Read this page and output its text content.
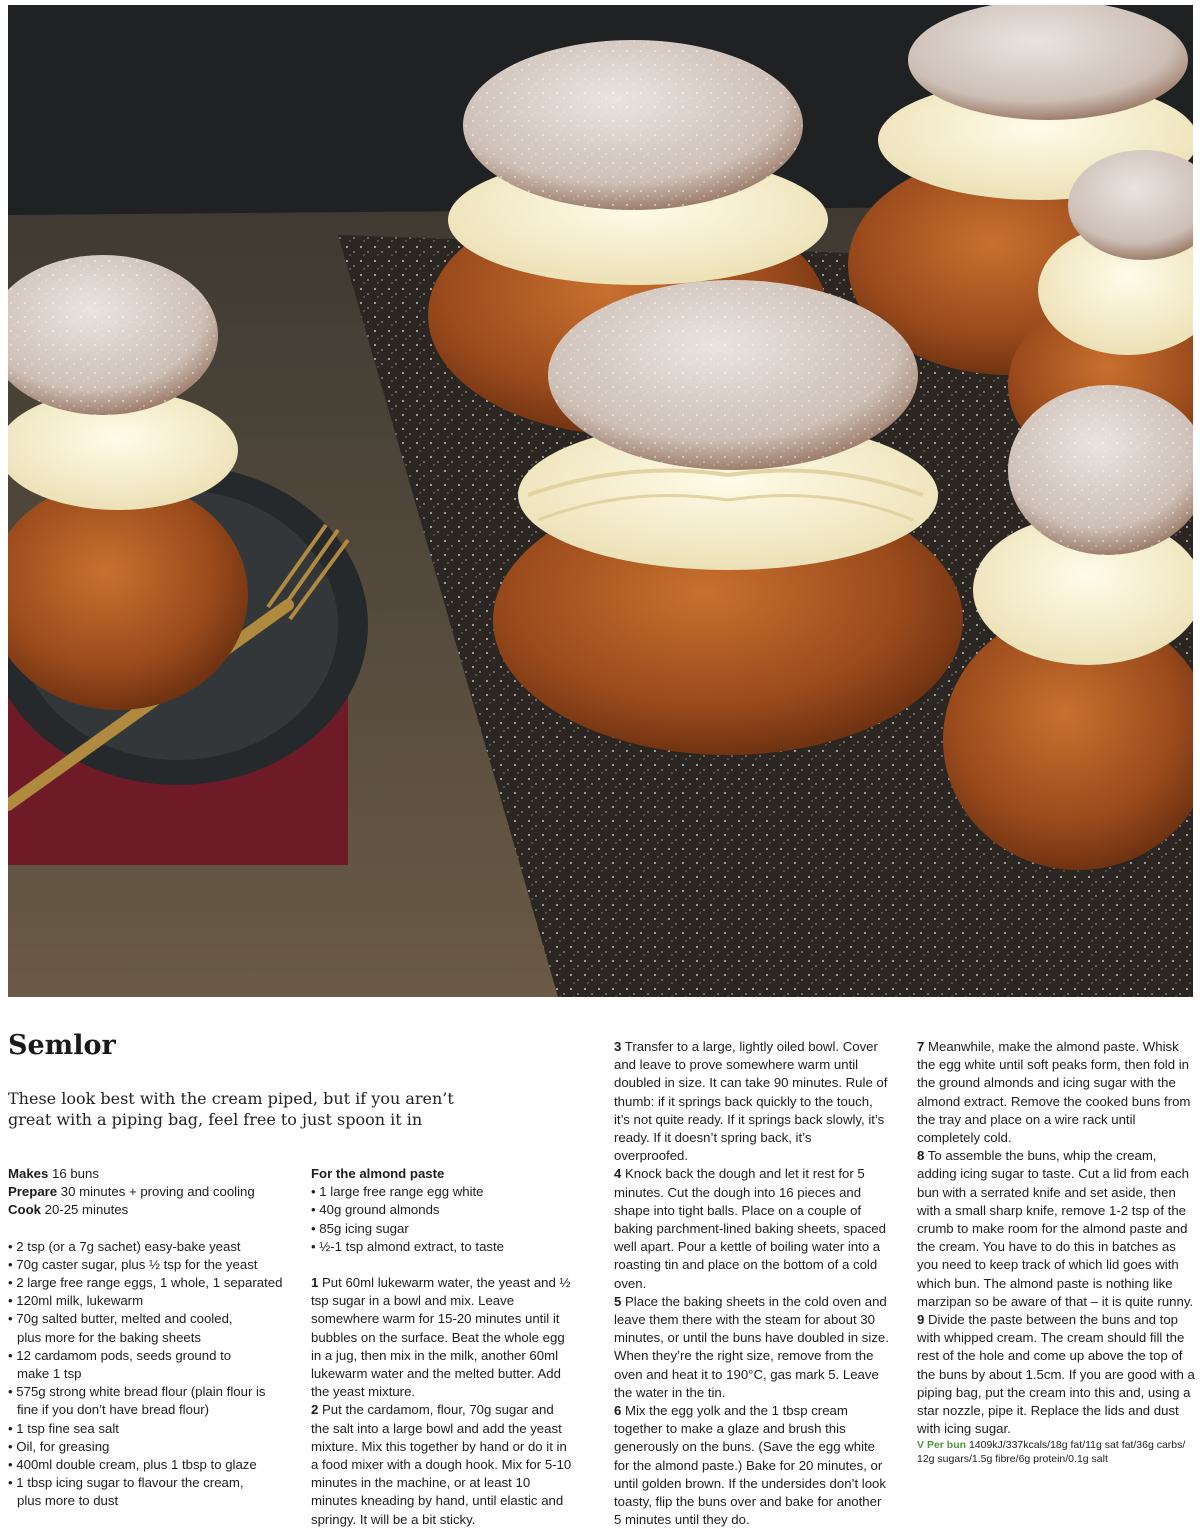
Semlor
These look best with the cream piped, but if you aren’t great with a piping bag, feel free to just spoon it in

Makes 16 buns

Prepare 30 minutes + proving and cooling

Cook 20-25 minutes

• 2 tsp (or a 7g sachet) easy-bake yeast

• 70g caster sugar, plus ½ tsp for the yeast

• 2 large free range eggs, 1 whole, 1 separated

• 120ml milk, lukewarm

• 70g salted butter, melted and cooled, plus more for the baking sheets

• 12 cardamom pods, seeds ground to make 1 tsp

• 575g strong white bread flour (plain flour is fine if you don’t have bread flour)

• 1 tsp fine sea salt

• Oil, for greasing

• 400ml double cream, plus 1 tbsp to glaze

• 1 tbsp icing sugar to flavour the cream, plus more to dust

For the almond paste

• 1 large free range egg white

• 40g ground almonds

• 85g icing sugar

• ½-1 tsp almond extract, to taste

1 Put 60ml lukewarm water, the yeast and ½ tsp sugar in a bowl and mix. Leave somewhere warm for 15-20 minutes until it bubbles on the surface. Beat the whole egg in a jug, then mix in the milk, another 60ml lukewarm water and the melted butter. Add the yeast mixture.

2 Put the cardamom, flour, 70g sugar and the salt into a large bowl and add the yeast mixture. Mix this together by hand or do it in a food mixer with a dough hook. Mix for 5-10 minutes in the machine, or at least 10 minutes kneading by hand, until elastic and springy. It will be a bit sticky.

3 Transfer to a large, lightly oiled bowl. Cover and leave to prove somewhere warm until doubled in size. It can take 90 minutes. Rule of thumb: if it springs back quickly to the touch, it’s not quite ready. If it springs back slowly, it’s ready. If it doesn’t spring back, it’s overproofed.

4 Knock back the dough and let it rest for 5 minutes. Cut the dough into 16 pieces and shape into tight balls. Place on a couple of baking parchment-lined baking sheets, spaced well apart. Pour a kettle of boiling water into a roasting tin and place on the bottom of a cold oven.

5 Place the baking sheets in the cold oven and leave them there with the steam for about 30 minutes, or until the buns have doubled in size. When they’re the right size, remove from the oven and heat it to 190°C, gas mark 5. Leave the water in the tin.

6 Mix the egg yolk and the 1 tbsp cream together to make a glaze and brush this generously on the buns. (Save the egg white for the almond paste.) Bake for 20 minutes, or until golden brown. If the undersides don’t look toasty, flip the buns over and bake for another 5 minutes until they do.

7 Meanwhile, make the almond paste. Whisk the egg white until soft peaks form, then fold in the ground almonds and icing sugar with the almond extract. Remove the cooked buns from the tray and place on a wire rack until completely cold.

8 To assemble the buns, whip the cream, adding icing sugar to taste. Cut a lid from each bun with a serrated knife and set aside, then with a small sharp knife, remove 1-2 tsp of the crumb to make room for the almond paste and the cream. You have to do this in batches as you need to keep track of which lid goes with which bun. The almond paste is nothing like marzipan so be aware of that – it is quite runny.

9 Divide the paste between the buns and top with whipped cream. The cream should fill the rest of the hole and come up above the top of the buns by about 1.5cm. If you are good with a piping bag, put the cream into this and, using a star nozzle, pipe it. Replace the lids and dust with icing sugar.

V Per bun 1409kJ/337kcals/18g fat/11g sat fat/36g carbs/ 12g sugars/1.5g fibre/6g protein/0.1g salt
